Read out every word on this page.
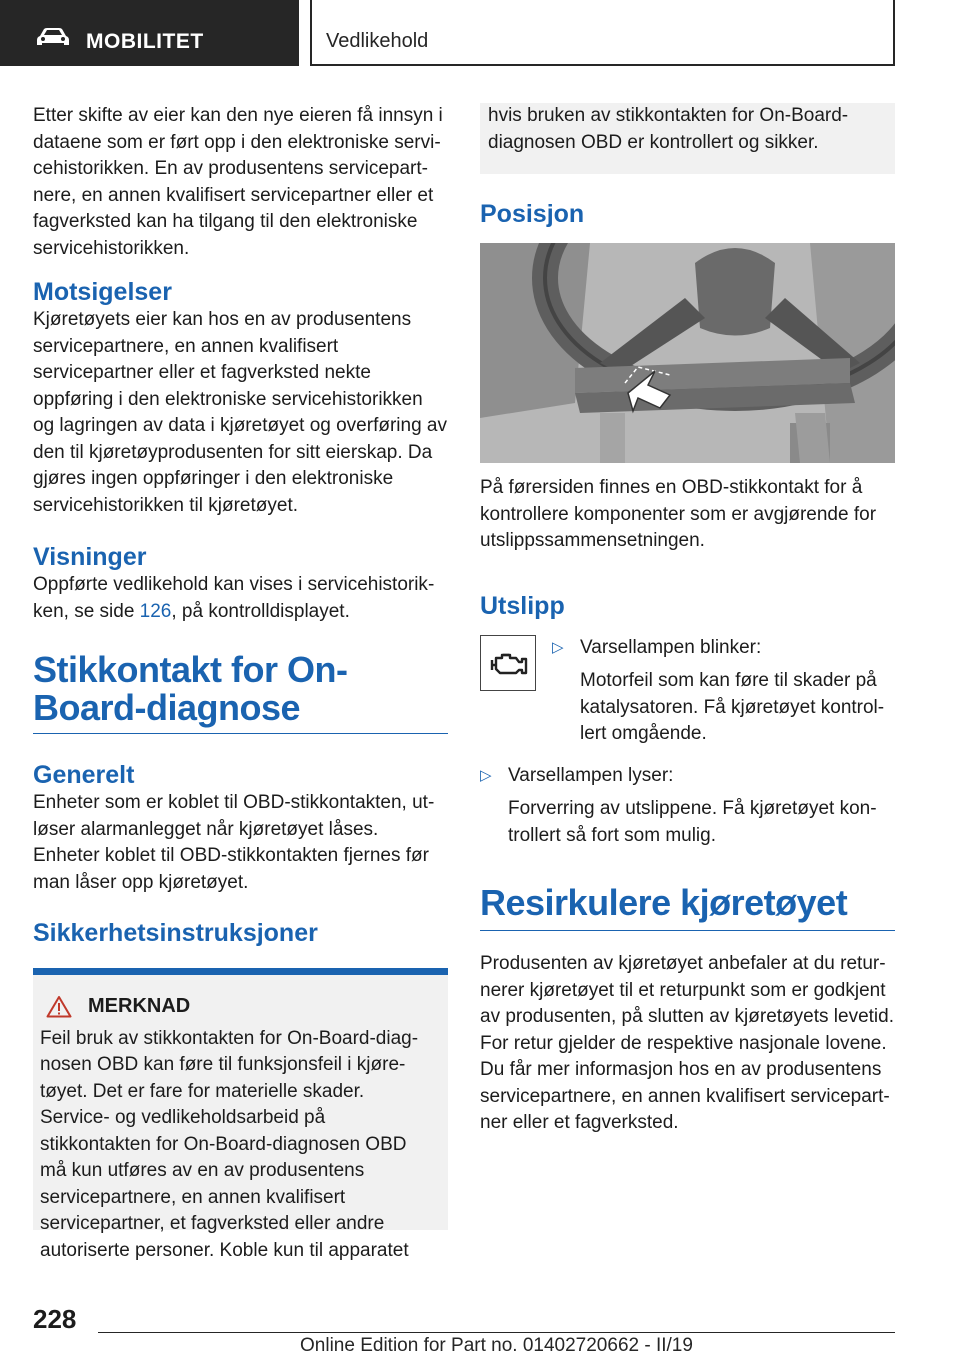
MOBILITET	Vedlikehold

Etter skifte av eier kan den nye eieren få innsyn i dataene som er ført opp i den elektroniske servicehistorikken. En av produsentens servicepartnere, en annen kvalifisert servicepartner eller et fagverksted kan ha tilgang til den elektroniske servicehistorikken.

Motsigelser

Kjøretøyets eier kan hos en av produsentens servicepartnere, en annen kvalifisert servicepartner eller et fagverksted nekte oppføring i den elektroniske servicehistorikken og lagringen av data i kjøretøyet og overføring av den til kjøretøyprodusenten for sitt eierskap. Da gjøres ingen oppføringer i den elektroniske servicehistorikken til kjøretøyet.

Visninger

Oppførte vedlikehold kan vises i servicehistorikken, se side 126, på kontrolldisplayet.

Stikkontakt for On-Board-diagnose
Generelt

Enheter som er koblet til OBD-stikkontakten, utløser alarmanlegget når kjøretøyet låses. Enheter koblet til OBD-stikkontakten fjernes før man låser opp kjøretøyet.

Sikkerhetsinstruksjoner
MERKNAD

Feil bruk av stikkontakten for On-Board-diagnosen OBD kan føre til funksjonsfeil i kjøretøyet. Det er fare for materielle skader. Service- og vedlikeholdsarbeid på stikkontakten for On-Board-diagnosen OBD må kun utføres av en av produsentens servicepartnere, en annen kvalifisert servicepartner, et fagverksted eller andre autoriserte personer. Koble kun til apparatet

hvis bruken av stikkontakten for On-Board-diagnosen OBD er kontrollert og sikker.

Posisjon

På førersiden finnes en OBD-stikkontakt for å kontrollere komponenter som er avgjørende for utslippssammensetningen.

Utslipp
▷ Varsellampen blinker:

Motorfeil som kan føre til skader på katalysatoren. Få kjøretøyet kontrollert omgående.

▷ Varsellampen lyser:

Forverring av utslippene. Få kjøretøyet kontrollert så fort som mulig.

Resirkulere kjøretøyet

Produsenten av kjøretøyet anbefaler at du returnerer kjøretøyet til et returpunkt som er godkjent av produsenten, på slutten av kjøretøyets levetid. For retur gjelder de respektive nasjonale lovene. Du får mer informasjon hos en av produsentens servicepartnere, en annen kvalifisert servicepartner eller et fagverksted.

228
Online Edition for Part no. 01402720662 - II/19
